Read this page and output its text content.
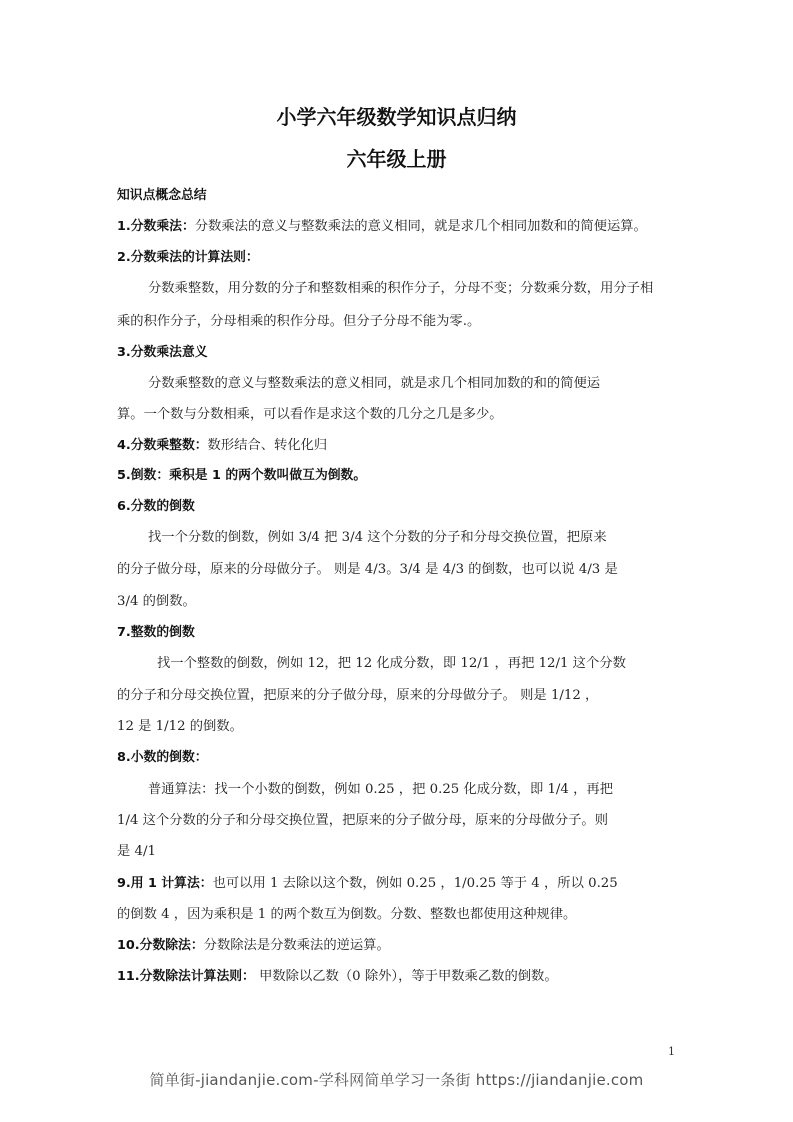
小学六年级数学知识点归纳
六年级上册
知识点概念总结
1.分数乘法：分数乘法的意义与整数乘法的意义相同，就是求几个相同加数和的简便运算。
2.分数乘法的计算法则：
分数乘整数，用分数的分子和整数相乘的积作分子，分母不变；分数乘分数，用分子相
乘的积作分子，分母相乘的积作分母。但分子分母不能为零.。
3.分数乘法意义
分数乘整数的意义与整数乘法的意义相同，就是求几个相同加数的和的简便运
算。一个数与分数相乘，可以看作是求这个数的几分之几是多少。
4.分数乘整数：数形结合、转化化归
5.倒数：乘积是 1 的两个数叫做互为倒数。
6.分数的倒数
找一个分数的倒数，例如 3/4 把 3/4 这个分数的分子和分母交换位置，把原来
的分子做分母，原来的分母做分子。 则是 4/3。3/4 是 4/3 的倒数，也可以说 4/3 是
3/4 的倒数。
7.整数的倒数
找一个整数的倒数，例如 12，把 12 化成分数，即 12/1 ，再把 12/1 这个分数
的分子和分母交换位置，把原来的分子做分母，原来的分母做分子。 则是 1/12 ，
12 是 1/12 的倒数。
8.小数的倒数：
普通算法：找一个小数的倒数，例如 0.25 ，把 0.25 化成分数，即 1/4 ，再把
1/4 这个分数的分子和分母交换位置，把原来的分子做分母，原来的分母做分子。则
是 4/1
9.用 1 计算法：也可以用 1 去除以这个数，例如 0.25 ，1/0.25 等于 4 ，所以 0.25
的倒数 4 ，因为乘积是 1 的两个数互为倒数。分数、整数也都使用这种规律。
10.分数除法：分数除法是分数乘法的逆运算。
11.分数除法计算法则： 甲数除以乙数（0 除外），等于甲数乘乙数的倒数。
1
简单街-jiandanjie.com-学科网简单学习一条街 https://jiandanjie.com
